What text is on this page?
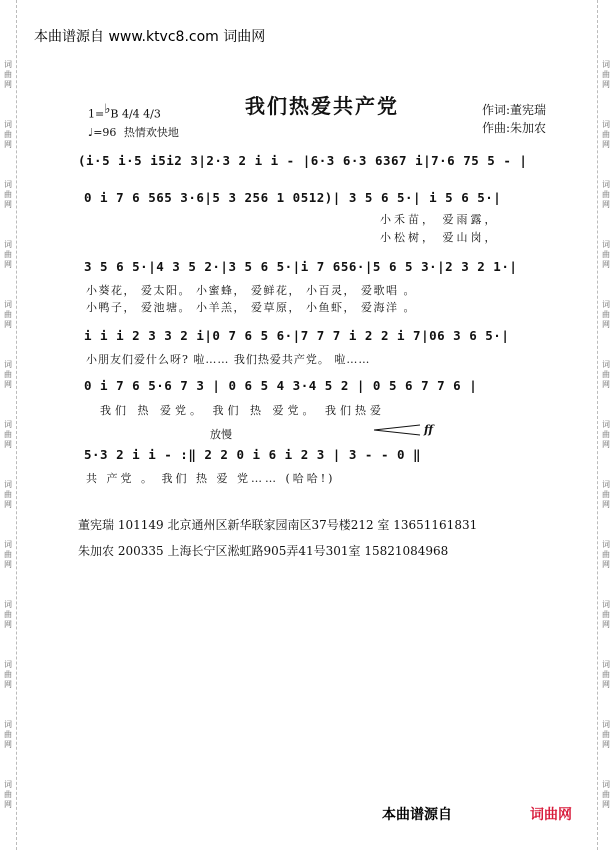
词
曲
网
词
曲
网
词
曲
网
词
曲
网
词
曲
网
词
曲
网
词
曲
网
词
曲
网
词
曲
网
词
曲
网
词
曲
网
词
曲
网
词
曲
网
词
曲
网
词
曲
网
词
曲
网
词
曲
网
词
曲
网
词
曲
网
词
曲
网
词
曲
网
词
曲
网
词
曲
网
词
曲
网
词
曲
网
词
曲
网
本曲谱源自 www.ktvc8.com 词曲网
我们热爱共产党
1=♭B 4/4 4/3
♩=96 热情欢快地
作词:董宪瑞
作曲:朱加农
(i·5 i·5 i5i2 3|2·3 2 i i - |6·3 6·3 6367 i|7·6 75 5 - |
0 i 7 6 565 3·6|5 3 256 1 0512)| 3 5 6 5·| i 5 6 5·|
小禾苗， 爱雨露，
小松树， 爱山岗，
3 5 6 5·|4 3 5 2·|3 5 6 5·|i 7 656·|5 6 5 3·|2 3 2 1·|
小葵花， 爱太阳。 小蜜蜂， 爱鲜花， 小百灵， 爱歌唱 。
小鸭子， 爱池塘。 小羊羔， 爱草原， 小鱼虾， 爱海洋 。
i i i 2 3 3 2 i|0 7 6 5 6·|7 7 7 i 2 2 i 7|06 3 6 5·|
小朋友们爱什么呀? 啦…… 我们热爱共产党。 啦……
0 i 7 6 5·6 7 3 | 0 6 5 4 3·4 5 2 | 0 5 6 7 7 6 |
我们 热 爱党。 我们 热 爱党。 我们热爱
放慢	ff
5·3 2 i i - :‖ 2 2 0 i 6 i 2 3 | 3 - - 0 ‖
共 产党 。 我们 热 爱 党…… (哈哈!)
董宪瑞 101149 北京通州区新华联家园南区37号楼212 室 13651161831
朱加农 200335 上海长宁区淞虹路905弄41号301室 15821084968
本曲谱源自	词曲网
